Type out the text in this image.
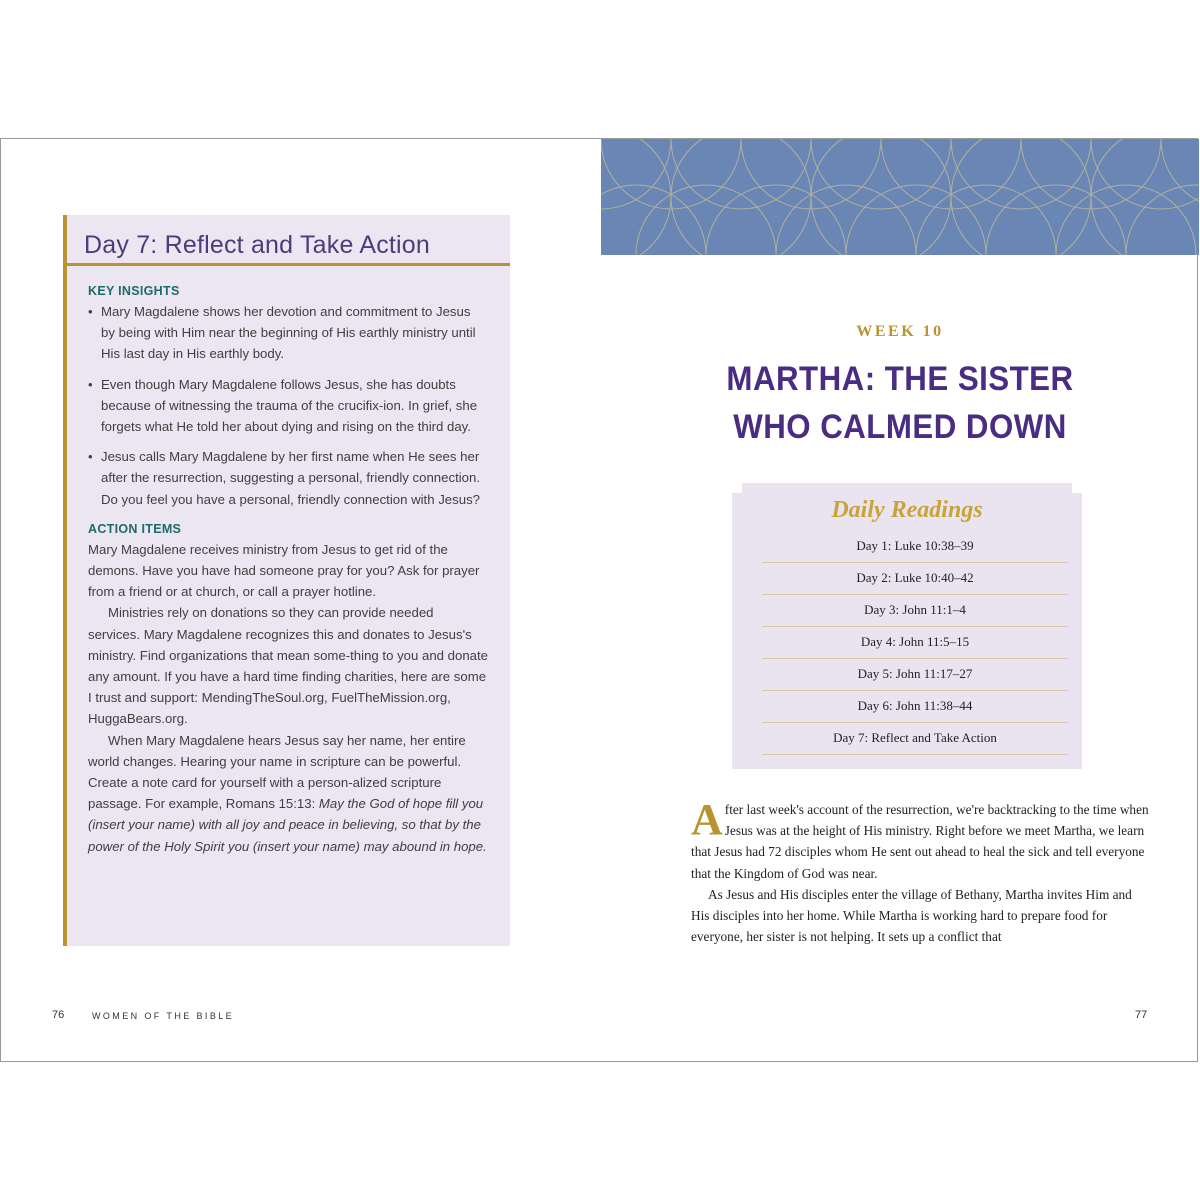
Day 7: Reflect and Take Action

KEY INSIGHTS

• Mary Magdalene shows her devotion and commitment to Jesus by being with Him near the beginning of His earthly ministry until His last day in His earthly body.
• Even though Mary Magdalene follows Jesus, she has doubts because of witnessing the trauma of the crucifix-ion. In grief, she forgets what He told her about dying and rising on the third day.
• Jesus calls Mary Magdalene by her first name when He sees her after the resurrection, suggesting a personal, friendly connection. Do you feel you have a personal, friendly connection with Jesus?

ACTION ITEMS

Mary Magdalene receives ministry from Jesus to get rid of the demons. Have you have had someone pray for you? Ask for prayer from a friend or at church, or call a prayer hotline.

Ministries rely on donations so they can provide needed services. Mary Magdalene recognizes this and donates to Jesus's ministry. Find organizations that mean some-thing to you and donate any amount. If you have a hard time finding charities, here are some I trust and support: MendingTheSoul.org, FuelTheMission.org, HuggaBears.org.

When Mary Magdalene hears Jesus say her name, her entire world changes. Hearing your name in scripture can be powerful. Create a note card for yourself with a person-alized scripture passage. For example, Romans 15:13: May the God of hope fill you (insert your name) with all joy and peace in believing, so that by the power of the Holy Spirit you (insert your name) may abound in hope.

76	WOMEN OF THE BIBLE
WEEK 10
MARTHA: THE SISTER
WHO CALMED DOWN
Daily Readings
Day 1: Luke 10:38–39
Day 2: Luke 10:40–42
Day 3: John 11:1–4
Day 4: John 11:5–15
Day 5: John 11:17–27
Day 6: John 11:38–44
Day 7: Reflect and Take Action

After last week's account of the resurrection, we're backtracking to the time when Jesus was at the height of His ministry. Right before we meet Martha, we learn that Jesus had 72 disciples whom He sent out ahead to heal the sick and tell everyone that the Kingdom of God was near.

As Jesus and His disciples enter the village of Bethany, Martha invites Him and His disciples into her home. While Martha is working hard to prepare food for everyone, her sister is not helping. It sets up a conflict that

77
